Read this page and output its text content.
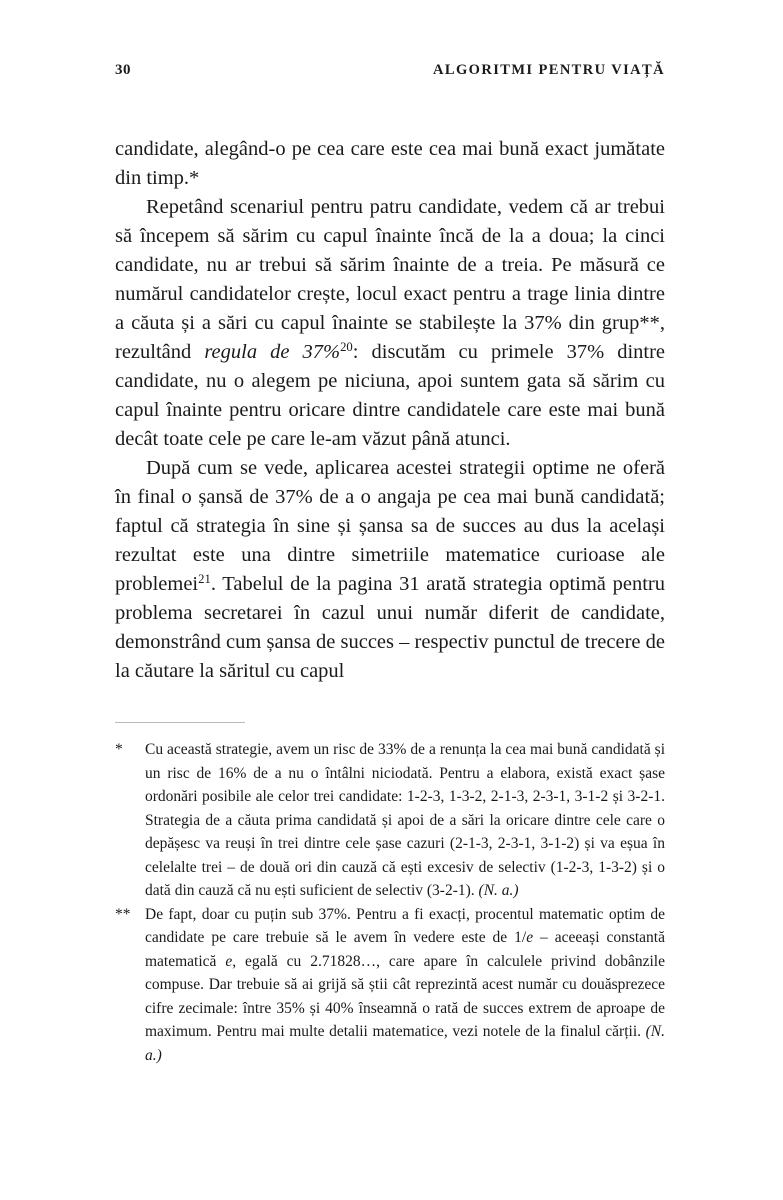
30	ALGORITMI PENTRU VIAȚĂ

candidate, alegând-o pe cea care este cea mai bună exact jumătate din timp.*

Repetând scenariul pentru patru candidate, vedem că ar trebui să începem să sărim cu capul înainte încă de la a doua; la cinci candidate, nu ar trebui să sărim înainte de a treia. Pe măsură ce numărul candidatelor crește, locul exact pentru a trage linia dintre a căuta și a sări cu capul înainte se stabilește la 37% din grup**, rezultând regula de 37%$^{20}$: discutăm cu primele 37% dintre candidate, nu o alegem pe niciuna, apoi suntem gata să sărim cu capul înainte pentru oricare dintre candidatele care este mai bună decât toate cele pe care le-am văzut până atunci.

După cum se vede, aplicarea acestei strategii optime ne oferă în final o șansă de 37% de a o angaja pe cea mai bună candidată; faptul că strategia în sine și șansa sa de succes au dus la același rezultat este una dintre simetriile matematice curioase ale problemei$^{21}$. Tabelul de la pagina 31 arată strategia optimă pentru problema secretarei în cazul unui număr diferit de candidate, demonstrând cum șansa de succes – respectiv punctul de trecere de la căutare la săritul cu capul

*	Cu această strategie, avem un risc de 33% de a renunța la cea mai bună candidată și un risc de 16% de a nu o întâlni niciodată. Pentru a elabora, există exact șase ordonări posibile ale celor trei candidate: 1-2-3, 1-3-2, 2-1-3, 2-3-1, 3-1-2 și 3-2-1. Strategia de a căuta prima candidată și apoi de a sări la oricare dintre cele care o depășesc va reuși în trei dintre cele șase cazuri (2-1-3, 2-3-1, 3-1-2) și va eșua în celelalte trei – de două ori din cauză că ești excesiv de selectiv (1-2-3, 1-3-2) și o dată din cauză că nu ești suficient de selectiv (3-2-1). (N. a.)
** De fapt, doar cu puțin sub 37%. Pentru a fi exacți, procentul matematic optim de candidate pe care trebuie să le avem în vedere este de 1/e – aceeași constantă matematică e, egală cu 2.71828…, care apare în calculele privind dobânzile compuse. Dar trebuie să ai grijă să știi cât reprezintă acest număr cu douăsprezece cifre zecimale: între 35% și 40% înseamnă o rată de succes extrem de aproape de maximum. Pentru mai multe detalii matematice, vezi notele de la finalul cărții. (N. a.)
